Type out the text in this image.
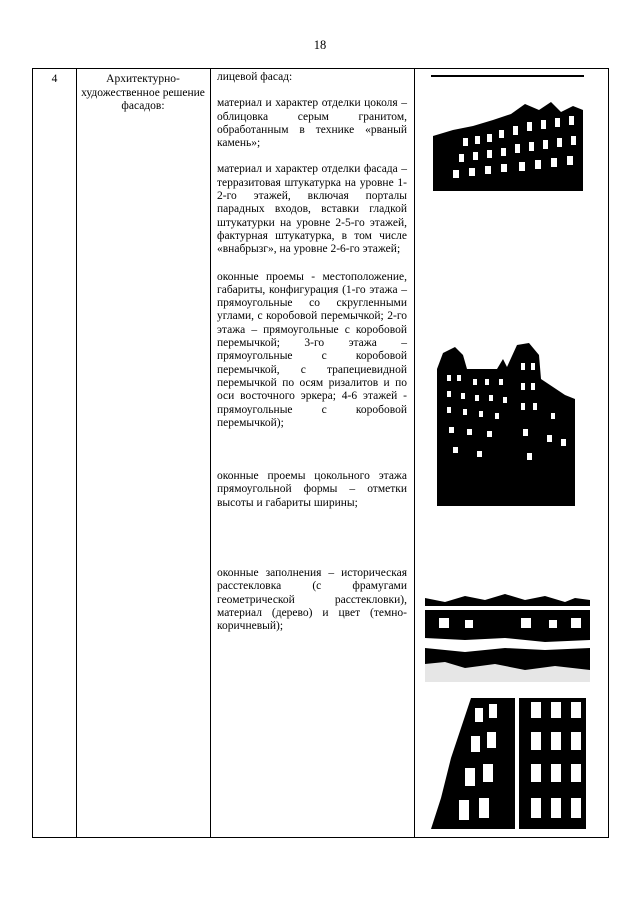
18
4	Архитектурно-художественное решение фасадов:

лицевой фасад:

материал и характер отделки цоколя – облицовка серым гранитом, обработанным в технике «рваный камень»;

материал и характер отделки фасада – терразитовая штукатурка на уровне 1-2-го этажей, включая порталы парадных входов, вставки гладкой штукатурки на уровне 2-5-го этажей, фактурная штукатурка, в том числе «внабрызг», на уровне 2-6-го этажей;

оконные проемы - местоположение, габариты, конфигурация (1-го этажа – прямоугольные со скругленными углами, с коробовой перемычкой; 2-го этажа – прямоугольные с коробовой перемычкой; 3-го этажа – прямоугольные с коробовой перемычкой, с трапециевидной перемычкой по осям ризалитов и по оси восточного эркера; 4-6 этажей - прямоугольные с коробовой перемычкой);

оконные проемы цокольного этажа прямоугольной формы – отметки высоты и габариты ширины;

оконные заполнения – историческая расстекловка (с фрамугами геометрической расстекловки), материал (дерево) и цвет (темно-коричневый);
